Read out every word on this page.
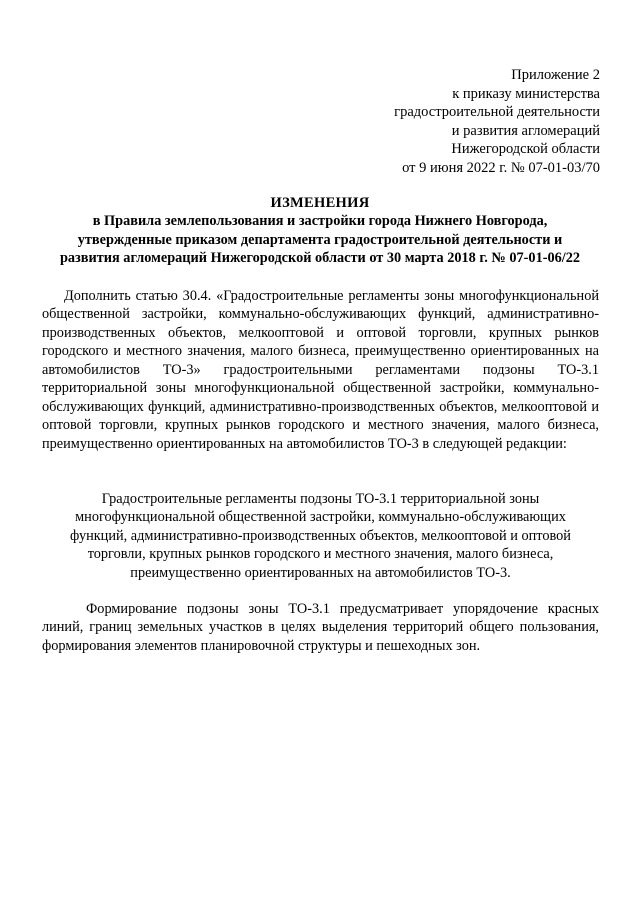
Приложение 2
к приказу министерства
градостроительной деятельности
и развития агломераций
Нижегородской области
от 9 июня 2022 г. № 07-01-03/70
ИЗМЕНЕНИЯ
в Правила землепользования и застройки города Нижнего Новгорода,
утвержденные приказом департамента градостроительной деятельности и
развития агломераций Нижегородской области от 30 марта 2018 г. № 07-01-06/22

Дополнить статью 30.4. «Градостроительные регламенты зоны многофункциональной общественной застройки, коммунально-обслуживающих функций, административно-производственных объектов, мелкооптовой и оптовой торговли, крупных рынков городского и местного значения, малого бизнеса, преимущественно ориентированных на автомобилистов ТО-3» градостроительными регламентами подзоны ТО-3.1 территориальной зоны многофункциональной общественной застройки, коммунально-обслуживающих функций, административно-производственных объектов, мелкооптовой и оптовой торговли, крупных рынков городского и местного значения, малого бизнеса, преимущественно ориентированных на автомобилистов ТО-3 в следующей редакции:

Градостроительные регламенты подзоны ТО-3.1 территориальной зоны
многофункциональной общественной застройки, коммунально-обслуживающих
функций, административно-производственных объектов, мелкооптовой и оптовой
торговли, крупных рынков городского и местного значения, малого бизнеса,
преимущественно ориентированных на автомобилистов ТО-3.

Формирование подзоны зоны ТО-3.1 предусматривает упорядочение красных линий, границ земельных участков в целях выделения территорий общего пользования, формирования элементов планировочной структуры и пешеходных зон.
